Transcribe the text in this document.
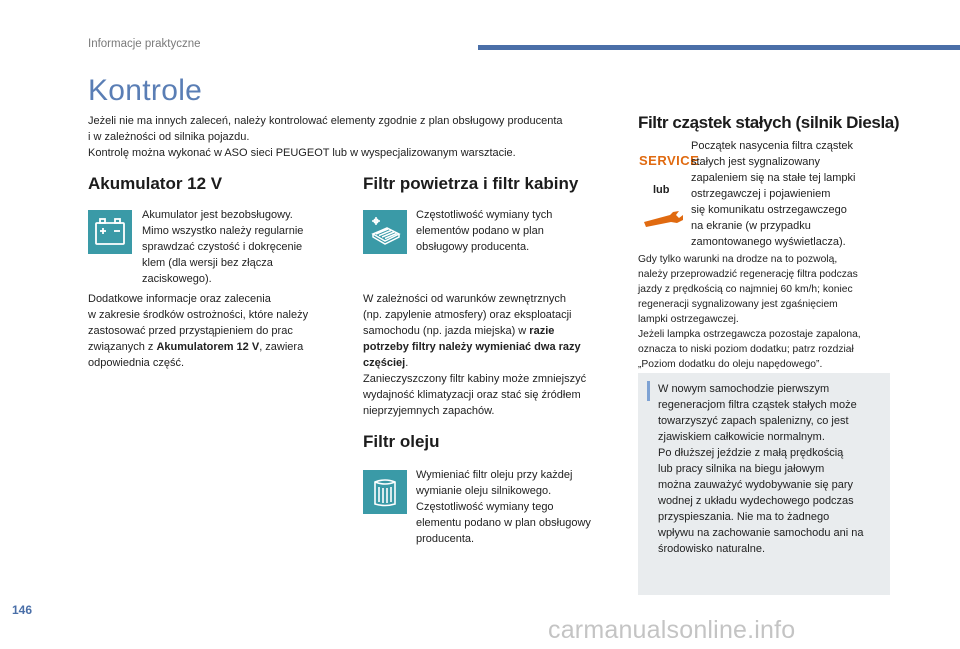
Informacje praktyczne
Kontrole

Jeżeli nie ma innych zaleceń, należy kontrolować elementy zgodnie z plan obsługowy producenta

i w zależności od silnika pojazdu.

Kontrolę można wykonać w ASO sieci PEUGEOT lub w wyspecjalizowanym warsztacie.

Akumulator 12 V

Akumulator jest bezobsługowy.

Mimo wszystko należy regularnie

sprawdzać czystość i dokręcenie

klem (dla wersji bez złącza

zaciskowego).

Dodatkowe informacje oraz zalecenia

w zakresie środków ostrożności, które należy

zastosować przed przystąpieniem do prac

związanych z Akumulatorem 12 V, zawiera

odpowiednia część.

Filtr powietrza i filtr kabiny

Częstotliwość wymiany tych

elementów podano w plan

obsługowy producenta.

W zależności od warunków zewnętrznych

(np. zapylenie atmosfery) oraz eksploatacji

samochodu (np. jazda miejska) w razie

potrzeby filtry należy wymieniać dwa razy

częściej.

Zanieczyszczony filtr kabiny może zmniejszyć

wydajność klimatyzacji oraz stać się źródłem

nieprzyjemnych zapachów.

Filtr oleju

Wymieniać filtr oleju przy każdej

wymianie oleju silnikowego.

Częstotliwość wymiany tego

elementu podano w plan obsługowy

producenta.

Filtr cząstek stałych (silnik Diesla)
SERVICE
lub

Początek nasycenia filtra cząstek

stałych jest sygnalizowany

zapaleniem się na stałe tej lampki

ostrzegawczej i pojawieniem

się komunikatu ostrzegawczego

na ekranie (w przypadku

zamontowanego wyświetlacza).

Gdy tylko warunki na drodze na to pozwolą,

należy przeprowadzić regenerację filtra podczas

jazdy z prędkością co najmniej 60 km/h; koniec

regeneracji sygnalizowany jest zgaśnięciem

lampki ostrzegawczej.

Jeżeli lampka ostrzegawcza pozostaje zapalona,

oznacza to niski poziom dodatku; patrz rozdział

„Poziom dodatku do oleju napędowego”.

W nowym samochodzie pierwszym
regeneracjom filtra cząstek stałych może
towarzyszyć zapach spalenizny, co jest
zjawiskiem całkowicie normalnym.
Po dłuższej jeździe z małą prędkością
lub pracy silnika na biegu jałowym
można zauważyć wydobywanie się pary
wodnej z układu wydechowego podczas
przyspieszania. Nie ma to żadnego
wpływu na zachowanie samochodu ani na
środowisko naturalne.
146
carmanualsonline.info
